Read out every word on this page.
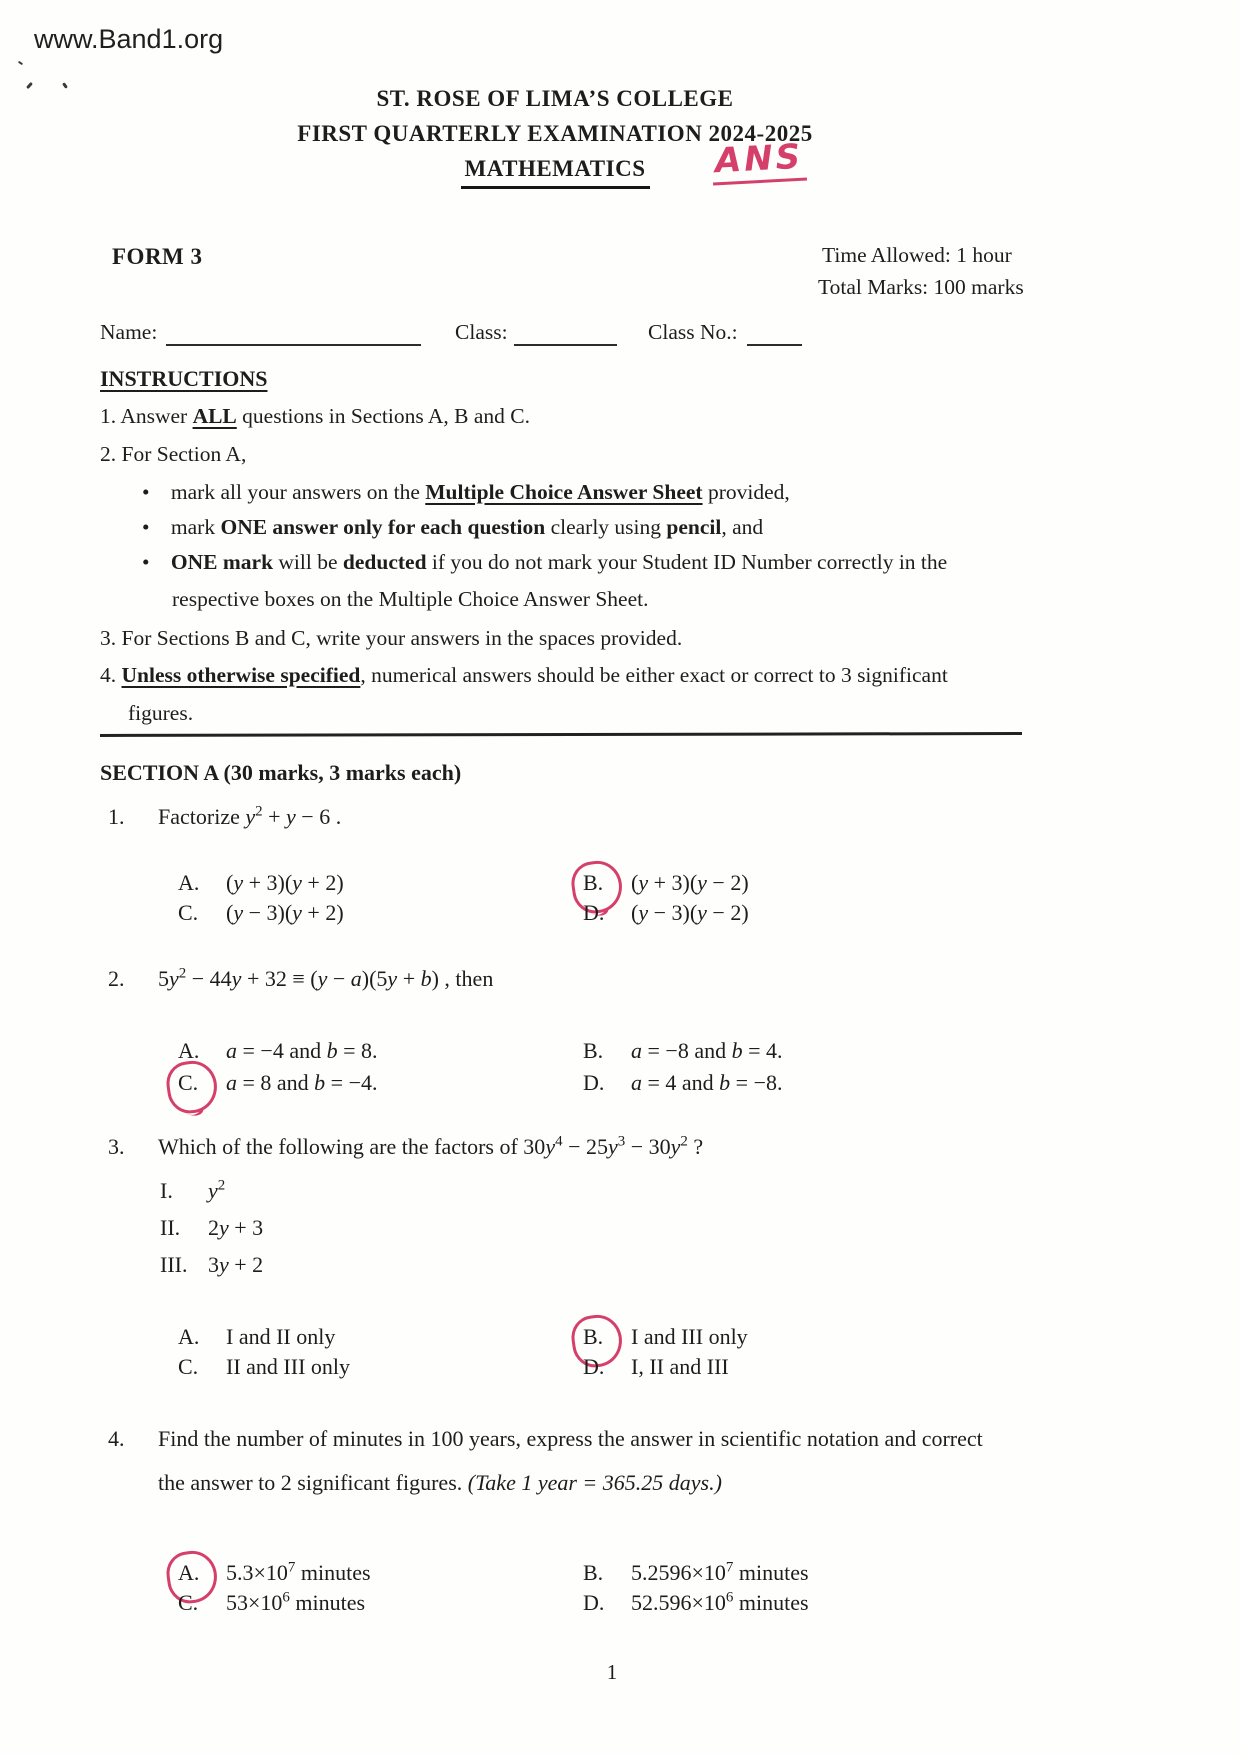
www.Band1.org
ST. ROSE OF LIMA’S COLLEGE
FIRST QUARTERLY EXAMINATION 2024-2025
MATHEMATICS	ANS
FORM 3	Time Allowed: 1 hour
Total Marks: 100 marks
Name:	Class:	Class No.:
INSTRUCTIONS
1. Answer ALL questions in Sections A, B and C.
2. For Section A,
• mark all your answers on the Multiple Choice Answer Sheet provided,
• mark ONE answer only for each question clearly using pencil, and
• ONE mark will be deducted if you do not mark your Student ID Number correctly in the
respective boxes on the Multiple Choice Answer Sheet.
3. For Sections B and C, write your answers in the spaces provided.
4. Unless otherwise specified, numerical answers should be either exact or correct to 3 significant
figures.
SECTION A (30 marks, 3 marks each)
1. Factorize $y^2 + y - 6$ .
A. (y + 3)(y + 2)	B. (y + 3)(y − 2)
C. (y − 3)(y + 2)	D. (y − 3)(y − 2)
2. $5y^2 - 44y + 32 \equiv (y - a)(5y + b)$ , then
A. a = −4 and b = 8.	B. a = −8 and b = 4.
C. a = 8 and b = −4.	D. a = 4 and b = −8.
3. Which of the following are the factors of $30y^4 - 25y^3 - 30y^2$ ?
I. $y^2$
II. 2y + 3
III. 3y + 2
A. I and II only	B. I and III only
C. II and III only	D. I, II and III
4. Find the number of minutes in 100 years, express the answer in scientific notation and correct
the answer to 2 significant figures. (Take 1 year = 365.25 days.)
A. $5.3\times 10^7$ minutes	B. $5.2596\times 10^7$ minutes
C. $53\times 10^6$ minutes	D. $52.596\times 10^6$ minutes
1
